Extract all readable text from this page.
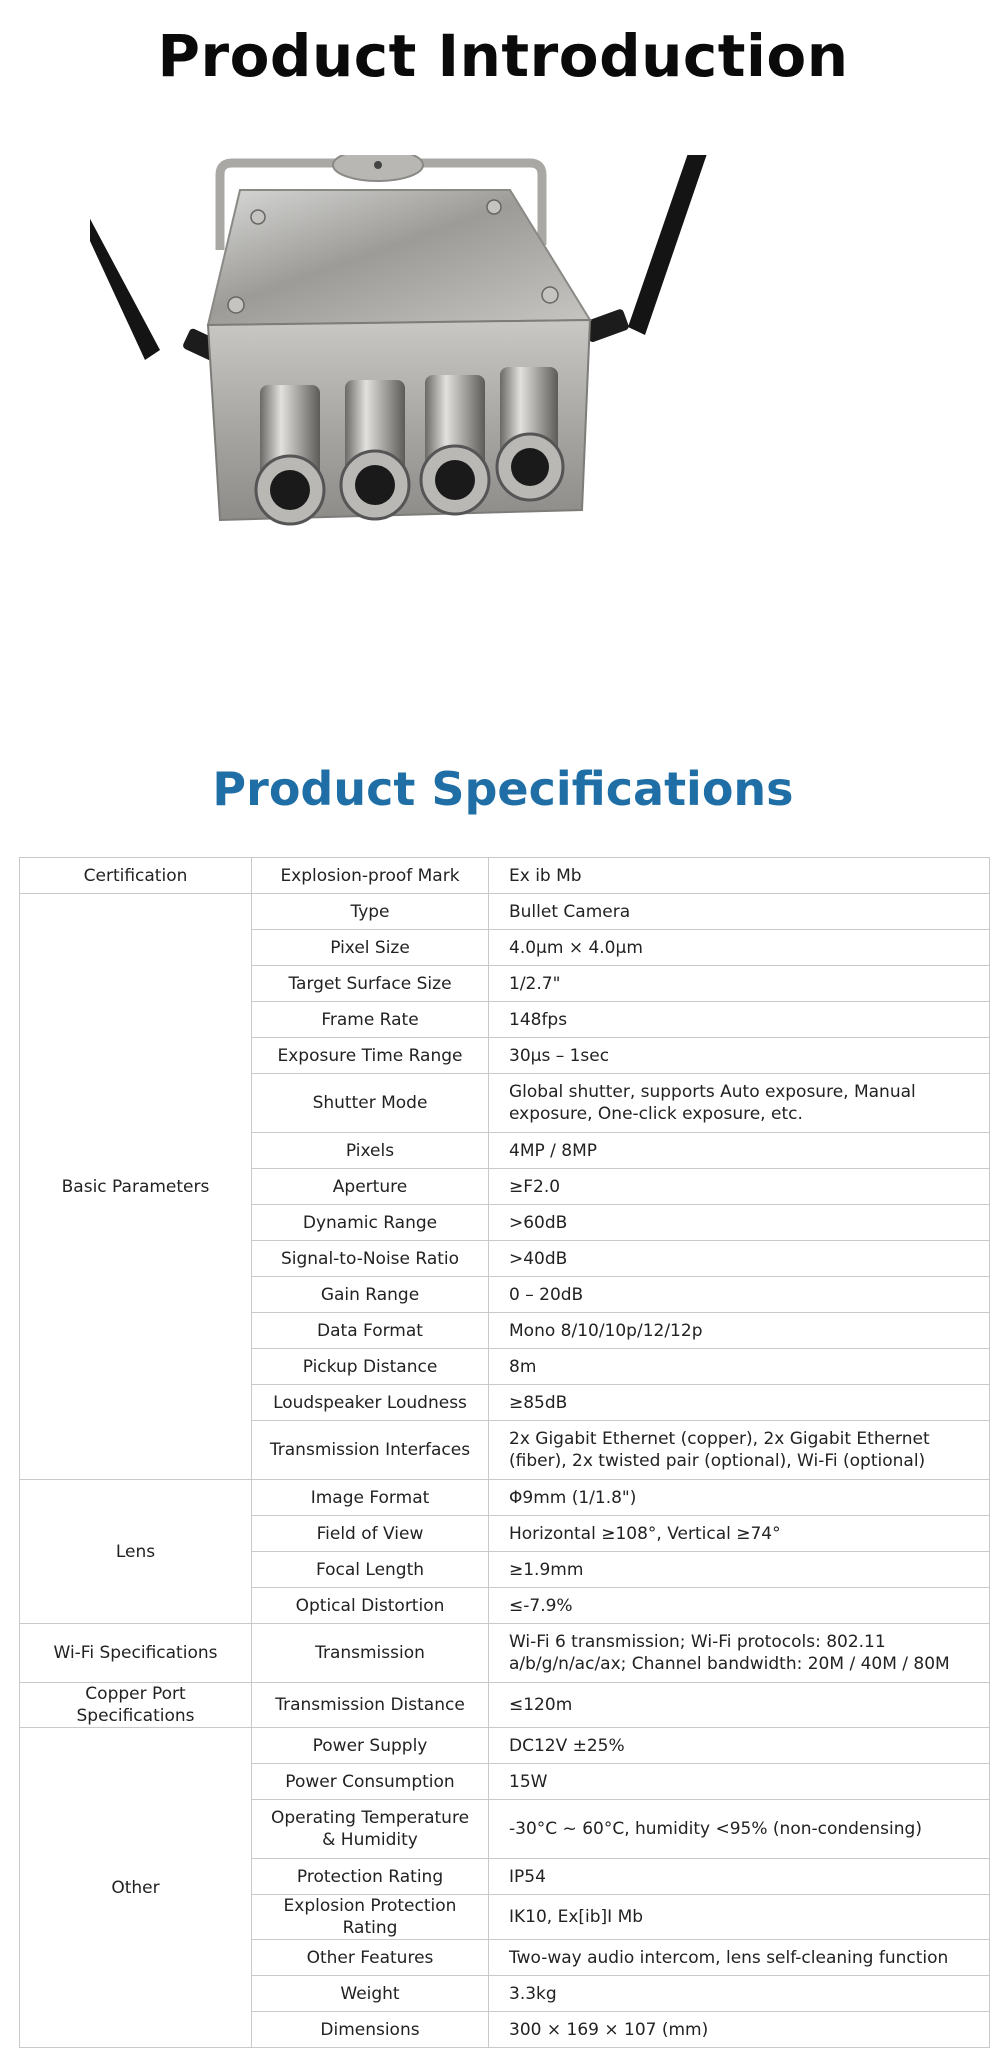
Product Introduction
Product Specifications
Certification	Explosion-proof Mark	Ex ib Mb
Basic Parameters	Type	Bullet Camera
	Pixel Size	4.0μm × 4.0μm
	Target Surface Size	1/2.7"
	Frame Rate	148fps
	Exposure Time Range	30μs – 1sec
	Shutter Mode	Global shutter, supports Auto exposure, Manual exposure, One-click exposure, etc.
	Pixels	4MP / 8MP
	Aperture	≥F2.0
	Dynamic Range	>60dB
	Signal-to-Noise Ratio	>40dB
	Gain Range	0 – 20dB
	Data Format	Mono 8/10/10p/12/12p
	Pickup Distance	8m
	Loudspeaker Loudness	≥85dB
	Transmission Interfaces	2x Gigabit Ethernet (copper), 2x Gigabit Ethernet (fiber), 2x twisted pair (optional), Wi-Fi (optional)
Lens	Image Format	Φ9mm (1/1.8")
	Field of View	Horizontal ≥108°, Vertical ≥74°
	Focal Length	≥1.9mm
	Optical Distortion	≤-7.9%
Wi-Fi Specifications	Transmission	Wi-Fi 6 transmission; Wi-Fi protocols: 802.11 a/b/g/n/ac/ax; Channel bandwidth: 20M / 40M / 80M
Copper Port Specifications	Transmission Distance	≤120m
Other	Power Supply	DC12V ±25%
	Power Consumption	15W
	Operating Temperature & Humidity	-30°C ~ 60°C, humidity <95% (non-condensing)
	Protection Rating	IP54
	Explosion Protection Rating	IK10, Ex[ib]I Mb
	Other Features	Two-way audio intercom, lens self-cleaning function
	Weight	3.3kg
	Dimensions	300 × 169 × 107 (mm)
